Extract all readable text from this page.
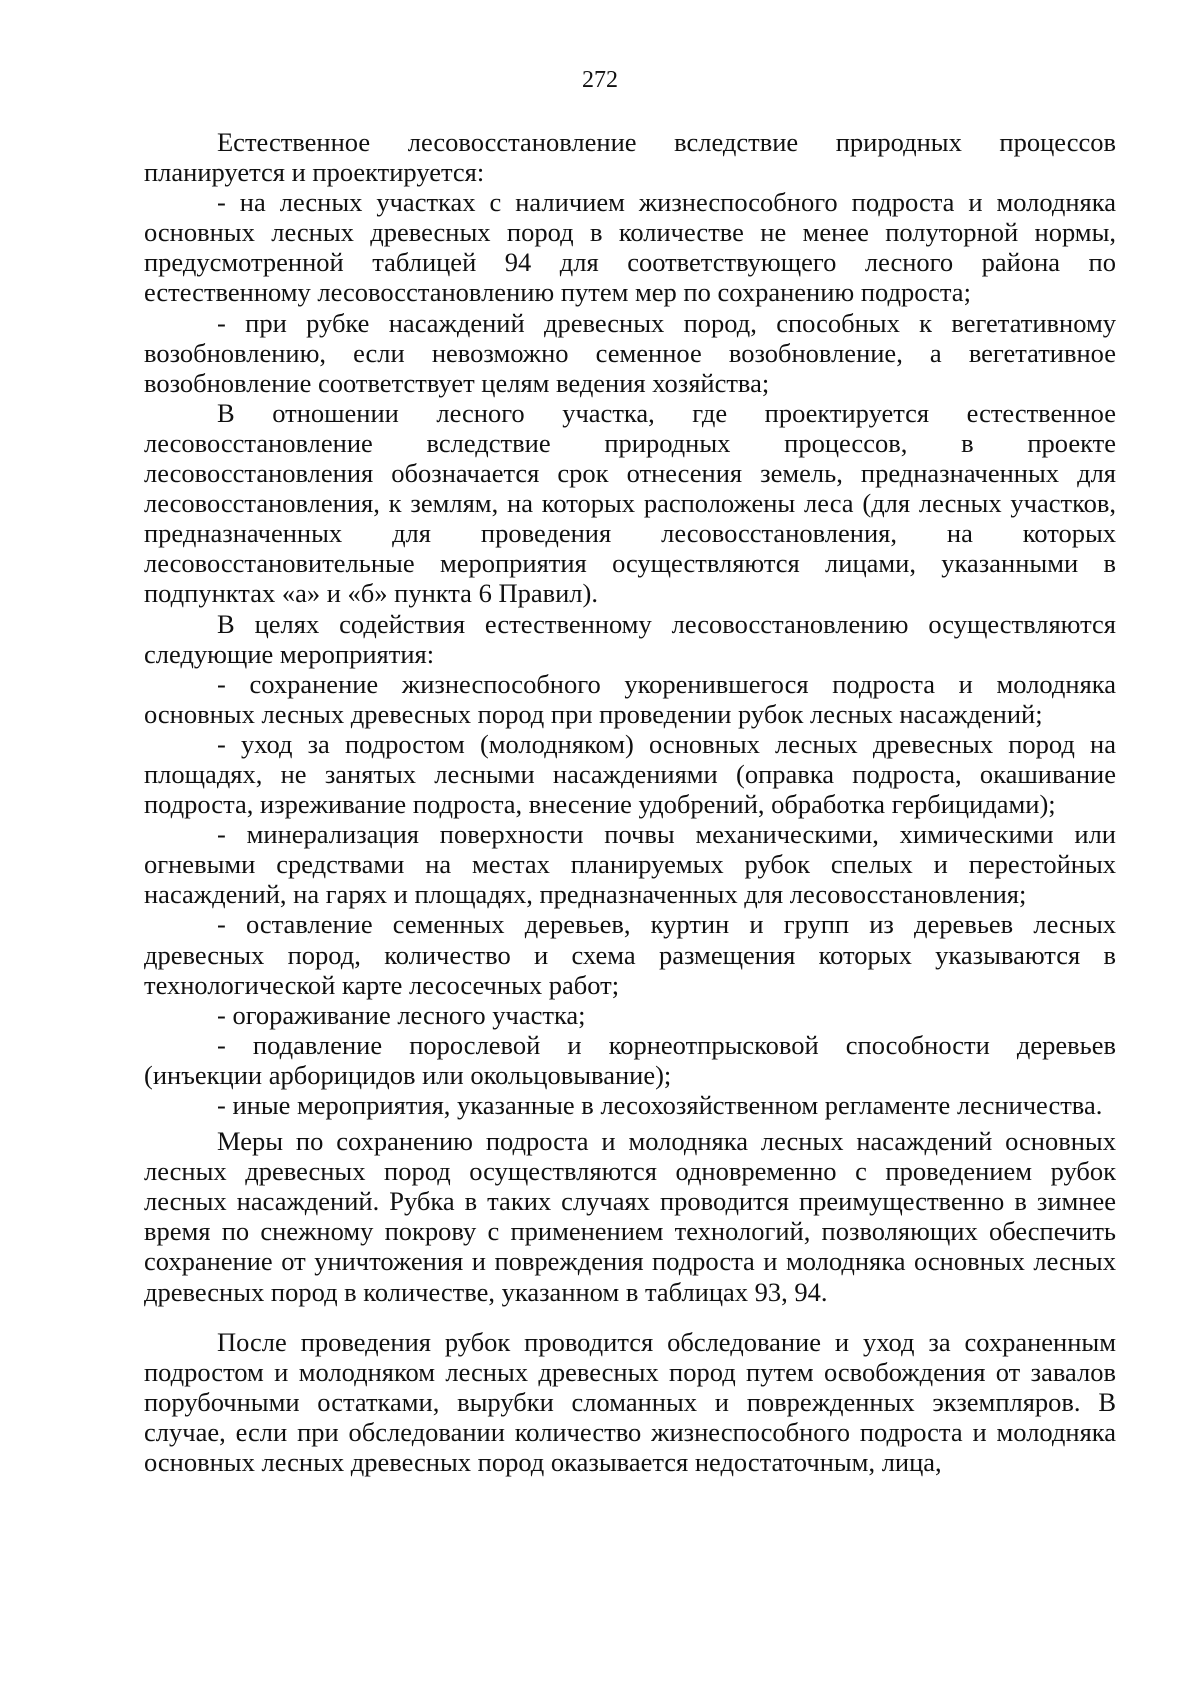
272

Естественное лесовосстановление вследствие природных процессов планируется и проектируется:

- на лесных участках с наличием жизнеспособного подроста и молодняка основных лесных древесных пород в количестве не менее полуторной нормы, предусмотренной таблицей 94 для соответствующего лесного района по естественному лесовосстановлению путем мер по сохранению подроста;

- при рубке насаждений древесных пород, способных к вегетативному возобновлению, если невозможно семенное возобновление, а вегетативное возобновление соответствует целям ведения хозяйства;

В отношении лесного участка, где проектируется естественное лесовосстановление вследствие природных процессов, в проекте лесовосстановления обозначается срок отнесения земель, предназначенных для лесовосстановления, к землям, на которых расположены леса (для лесных участков, предназначенных для проведения лесовосстановления, на которых лесовосстановительные мероприятия осуществляются лицами, указанными в подпунктах «а» и «б» пункта 6 Правил).

В целях содействия естественному лесовосстановлению осуществляются следующие мероприятия:

- сохранение жизнеспособного укоренившегося подроста и молодняка основных лесных древесных пород при проведении рубок лесных насаждений;

- уход за подростом (молодняком) основных лесных древесных пород на площадях, не занятых лесными насаждениями (оправка подроста, окашивание подроста, изреживание подроста, внесение удобрений, обработка гербицидами);

- минерализация поверхности почвы механическими, химическими или огневыми средствами на местах планируемых рубок спелых и перестойных насаждений, на гарях и площадях, предназначенных для лесовосстановления;

- оставление семенных деревьев, куртин и групп из деревьев лесных древесных пород, количество и схема размещения которых указываются в технологической карте лесосечных работ;

- огораживание лесного участка;

- подавление порослевой и корнеотпрысковой способности деревьев (инъекции арборицидов или окольцовывание);

- иные мероприятия, указанные в лесохозяйственном регламенте лесничества.

Меры по сохранению подроста и молодняка лесных насаждений основных лесных древесных пород осуществляются одновременно с проведением рубок лесных насаждений. Рубка в таких случаях проводится преимущественно в зимнее время по снежному покрову с применением технологий, позволяющих обеспечить сохранение от уничтожения и повреждения подроста и молодняка основных лесных древесных пород в количестве, указанном в таблицах 93, 94.

После проведения рубок проводится обследование и уход за сохраненным подростом и молодняком лесных древесных пород путем освобождения от завалов порубочными остатками, вырубки сломанных и поврежденных экземпляров. В случае, если при обследовании количество жизнеспособного подроста и молодняка основных лесных древесных пород оказывается недостаточным, лица,
